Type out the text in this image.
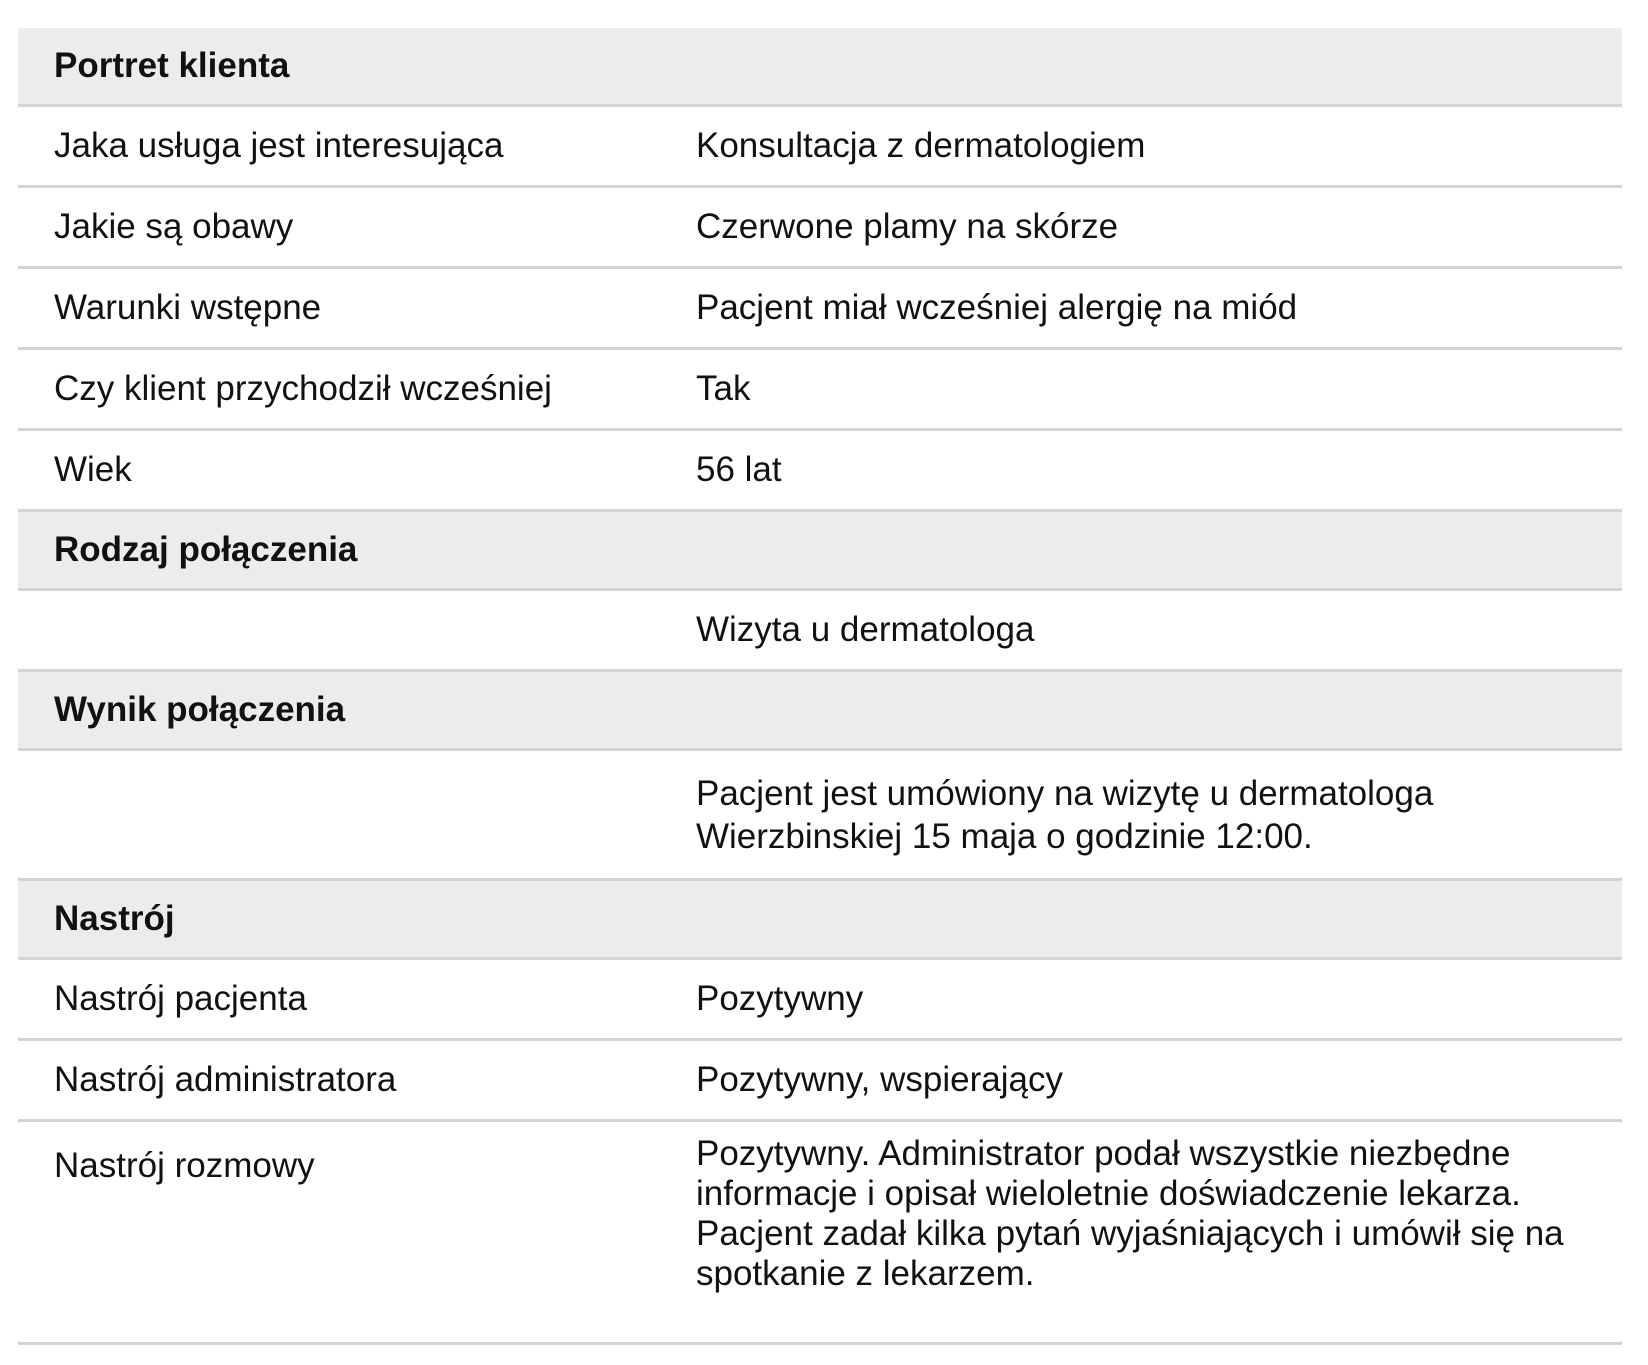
Portret klienta
Jaka usługa jest interesująca	Konsultacja z dermatologiem
Jakie są obawy	Czerwone plamy na skórze
Warunki wstępne	Pacjent miał wcześniej alergię na miód
Czy klient przychodził wcześniej	Tak
Wiek	56 lat
Rodzaj połączenia
Wizyta u dermatologa
Wynik połączenia
Pacjent jest umówiony na wizytę u dermatologa Wierzbinskiej 15 maja o godzinie 12:00.
Nastrój
Nastrój pacjenta	Pozytywny
Nastrój administratora	Pozytywny, wspierający
Nastrój rozmowy	Pozytywny. Administrator podał wszystkie niezbędne informacje i opisał wieloletnie doświadczenie lekarza. Pacjent zadał kilka pytań wyjaśniających i umówił się na spotkanie z lekarzem.
